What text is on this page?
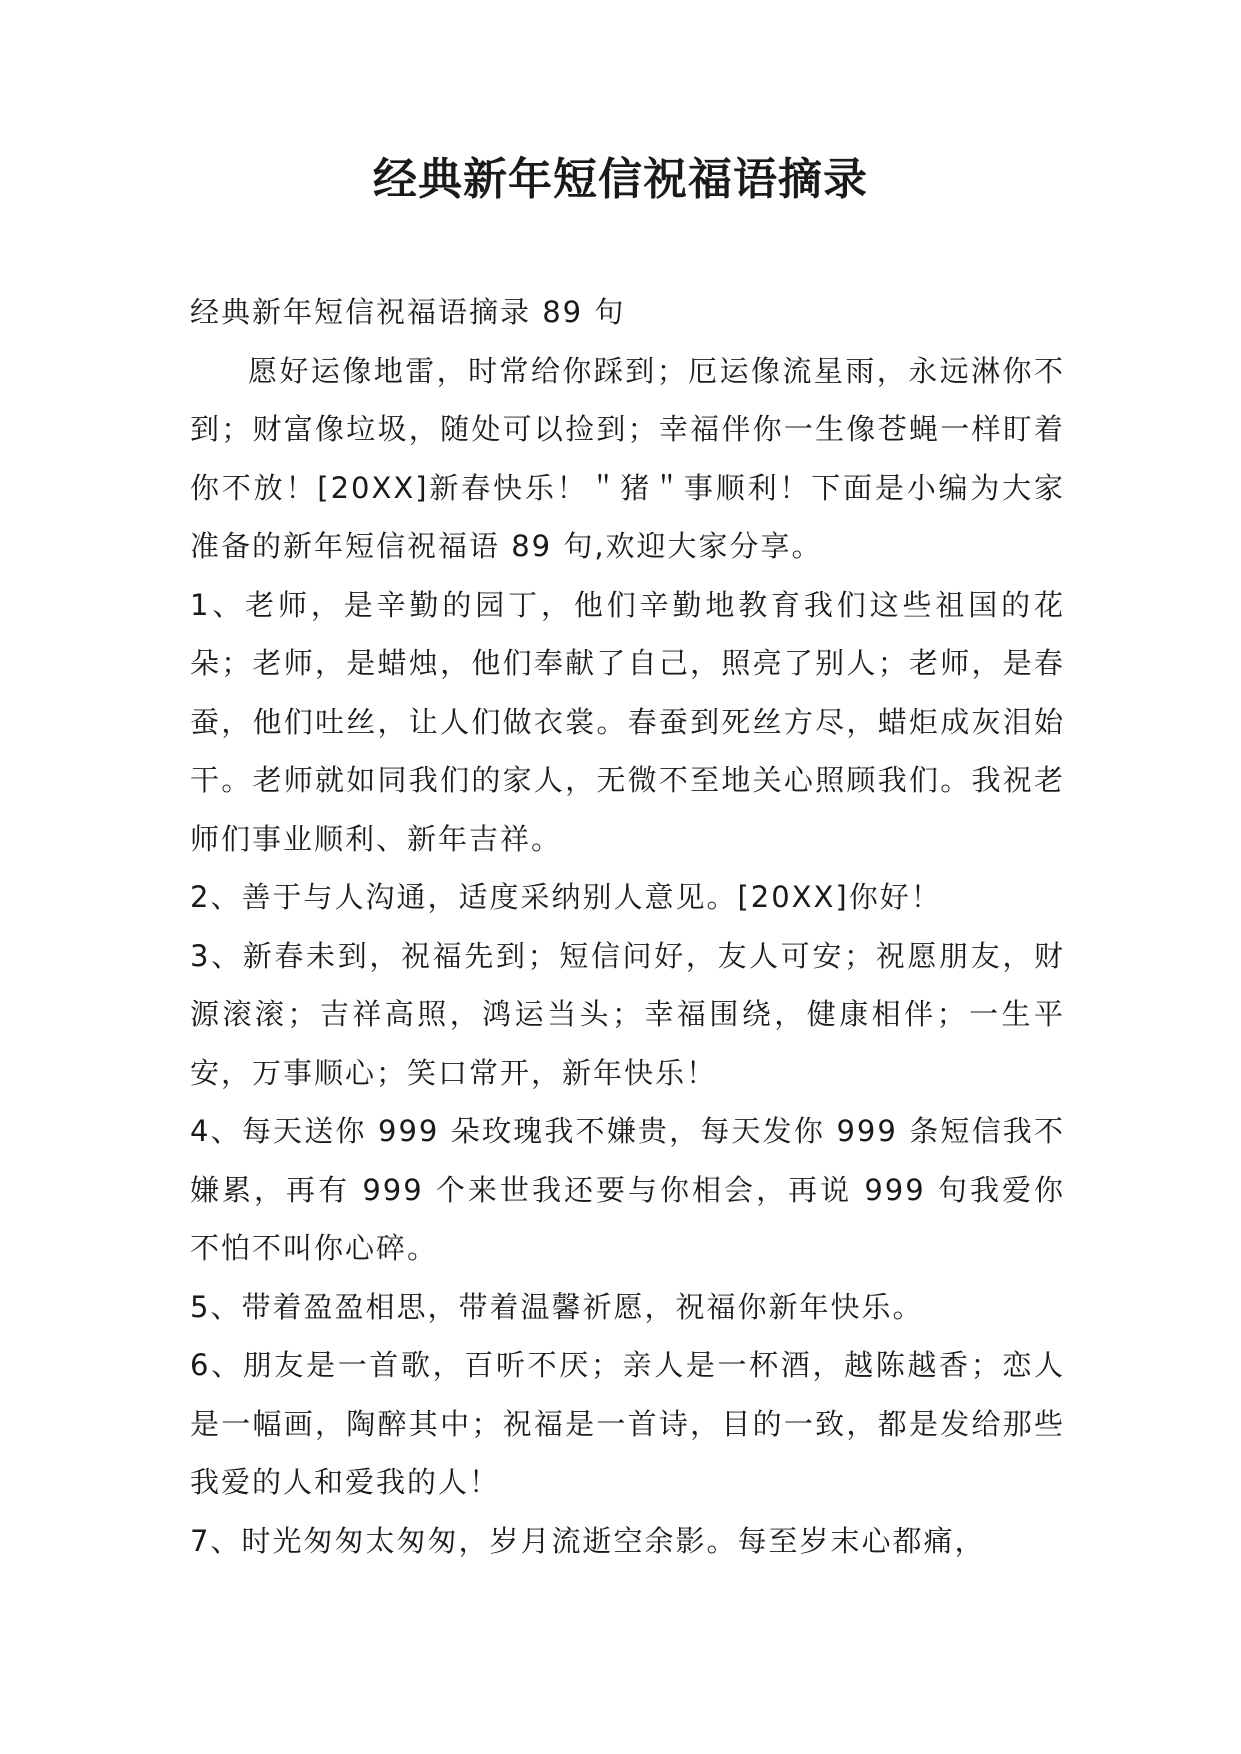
经典新年短信祝福语摘录

经典新年短信祝福语摘录 89 句

愿好运像地雷，时常给你踩到；厄运像流星雨，永远淋你不到；财富像垃圾，随处可以捡到；幸福伴你一生像苍蝇一样盯着你不放！[20XX]新春快乐！＂猪＂事顺利！下面是小编为大家准备的新年短信祝福语 89 句,欢迎大家分享。

1、老师，是辛勤的园丁，他们辛勤地教育我们这些祖国的花朵；老师，是蜡烛，他们奉献了自己，照亮了别人；老师，是春蚕，他们吐丝，让人们做衣裳。春蚕到死丝方尽，蜡炬成灰泪始干。老师就如同我们的家人，无微不至地关心照顾我们。我祝老师们事业顺利、新年吉祥。

2、善于与人沟通，适度采纳别人意见。[20XX]你好！

3、新春未到，祝福先到；短信问好，友人可安；祝愿朋友，财源滚滚；吉祥高照，鸿运当头；幸福围绕，健康相伴；一生平安，万事顺心；笑口常开，新年快乐！

4、每天送你 999 朵玫瑰我不嫌贵，每天发你 999 条短信我不嫌累，再有 999 个来世我还要与你相会，再说 999 句我爱你不怕不叫你心碎。

5、带着盈盈相思，带着温馨祈愿，祝福你新年快乐。

6、朋友是一首歌，百听不厌；亲人是一杯酒，越陈越香；恋人是一幅画，陶醉其中；祝福是一首诗，目的一致，都是发给那些我爱的人和爱我的人！

7、时光匆匆太匆匆，岁月流逝空余影。每至岁末心都痛，
